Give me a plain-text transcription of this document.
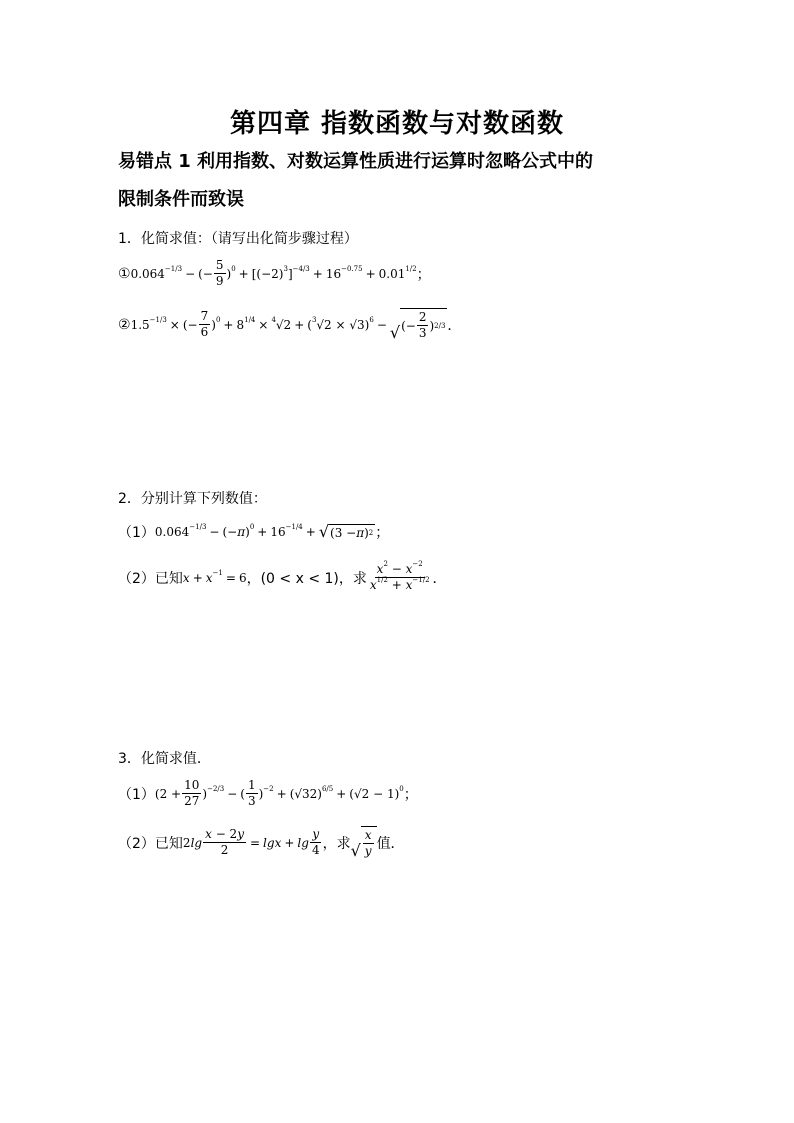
第四章 指数函数与对数函数
易错点 1 利用指数、对数运算性质进行运算时忽略公式中的
限制条件而致误
1．化简求值：（请写出化简步骤过程）
① $0.064^{-1/3}$ − (− $\frac{5}{9} )^0 + [(-2)^3]^{-4/3} + 16^{-0.75} + 0.01^{1/2}$ ；
② $1.5^{-1/3}$ × (− $\frac{7}{6} )^0 + 8^{1/4} \times ^4√2 + (^3√2 \times √3)^6$ − √ (− $\frac{2}{3}$ ) 2/3 ．
2．分别计算下列数值：
（1） $0.064^{-1/3} - (-\pi)^0 + 16^{-1/4}$ + √ (3 − π ) 2 ；
（2）已知 x + x $^{-1}$ = 6 ，(0 < x < 1)，求 $\frac{x^2 - x^{-2}}{x^{1/2} + x^{-1/2}}$ ．
3．化简求值．
（1） $(2 + \frac{10}{27} )^{-2/3}$ − ( $\frac{1}{3} )^{-2} + (√32)^{6/5} + (√2 - 1)^0$ ；
（2）已知 2 $\lg \frac{x - 2y}{2} = \lg x + \lg \frac{y}{4}$ ，求 √ $\frac{x}{y}$ 值．
